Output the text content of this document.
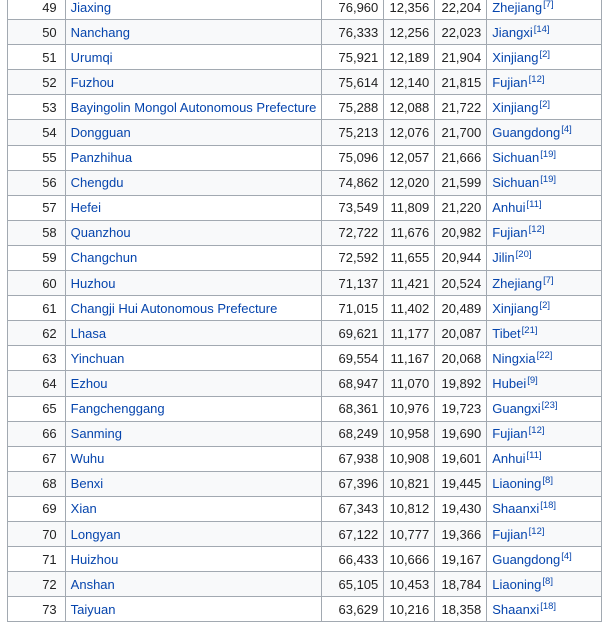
49	Jiaxing	76,960	12,356	22,204	Zhejiang[7]
50	Nanchang	76,333	12,256	22,023	Jiangxi[14]
51	Urumqi	75,921	12,189	21,904	Xinjiang[2]
52	Fuzhou	75,614	12,140	21,815	Fujian[12]
53	Bayingolin Mongol Autonomous Prefecture	75,288	12,088	21,722	Xinjiang[2]
54	Dongguan	75,213	12,076	21,700	Guangdong[4]
55	Panzhihua	75,096	12,057	21,666	Sichuan[19]
56	Chengdu	74,862	12,020	21,599	Sichuan[19]
57	Hefei	73,549	11,809	21,220	Anhui[11]
58	Quanzhou	72,722	11,676	20,982	Fujian[12]
59	Changchun	72,592	11,655	20,944	Jilin[20]
60	Huzhou	71,137	11,421	20,524	Zhejiang[7]
61	Changji Hui Autonomous Prefecture	71,015	11,402	20,489	Xinjiang[2]
62	Lhasa	69,621	11,177	20,087	Tibet[21]
63	Yinchuan	69,554	11,167	20,068	Ningxia[22]
64	Ezhou	68,947	11,070	19,892	Hubei[9]
65	Fangchenggang	68,361	10,976	19,723	Guangxi[23]
66	Sanming	68,249	10,958	19,690	Fujian[12]
67	Wuhu	67,938	10,908	19,601	Anhui[11]
68	Benxi	67,396	10,821	19,445	Liaoning[8]
69	Xian	67,343	10,812	19,430	Shaanxi[18]
70	Longyan	67,122	10,777	19,366	Fujian[12]
71	Huizhou	66,433	10,666	19,167	Guangdong[4]
72	Anshan	65,105	10,453	18,784	Liaoning[8]
73	Taiyuan	63,629	10,216	18,358	Shaanxi[18]
